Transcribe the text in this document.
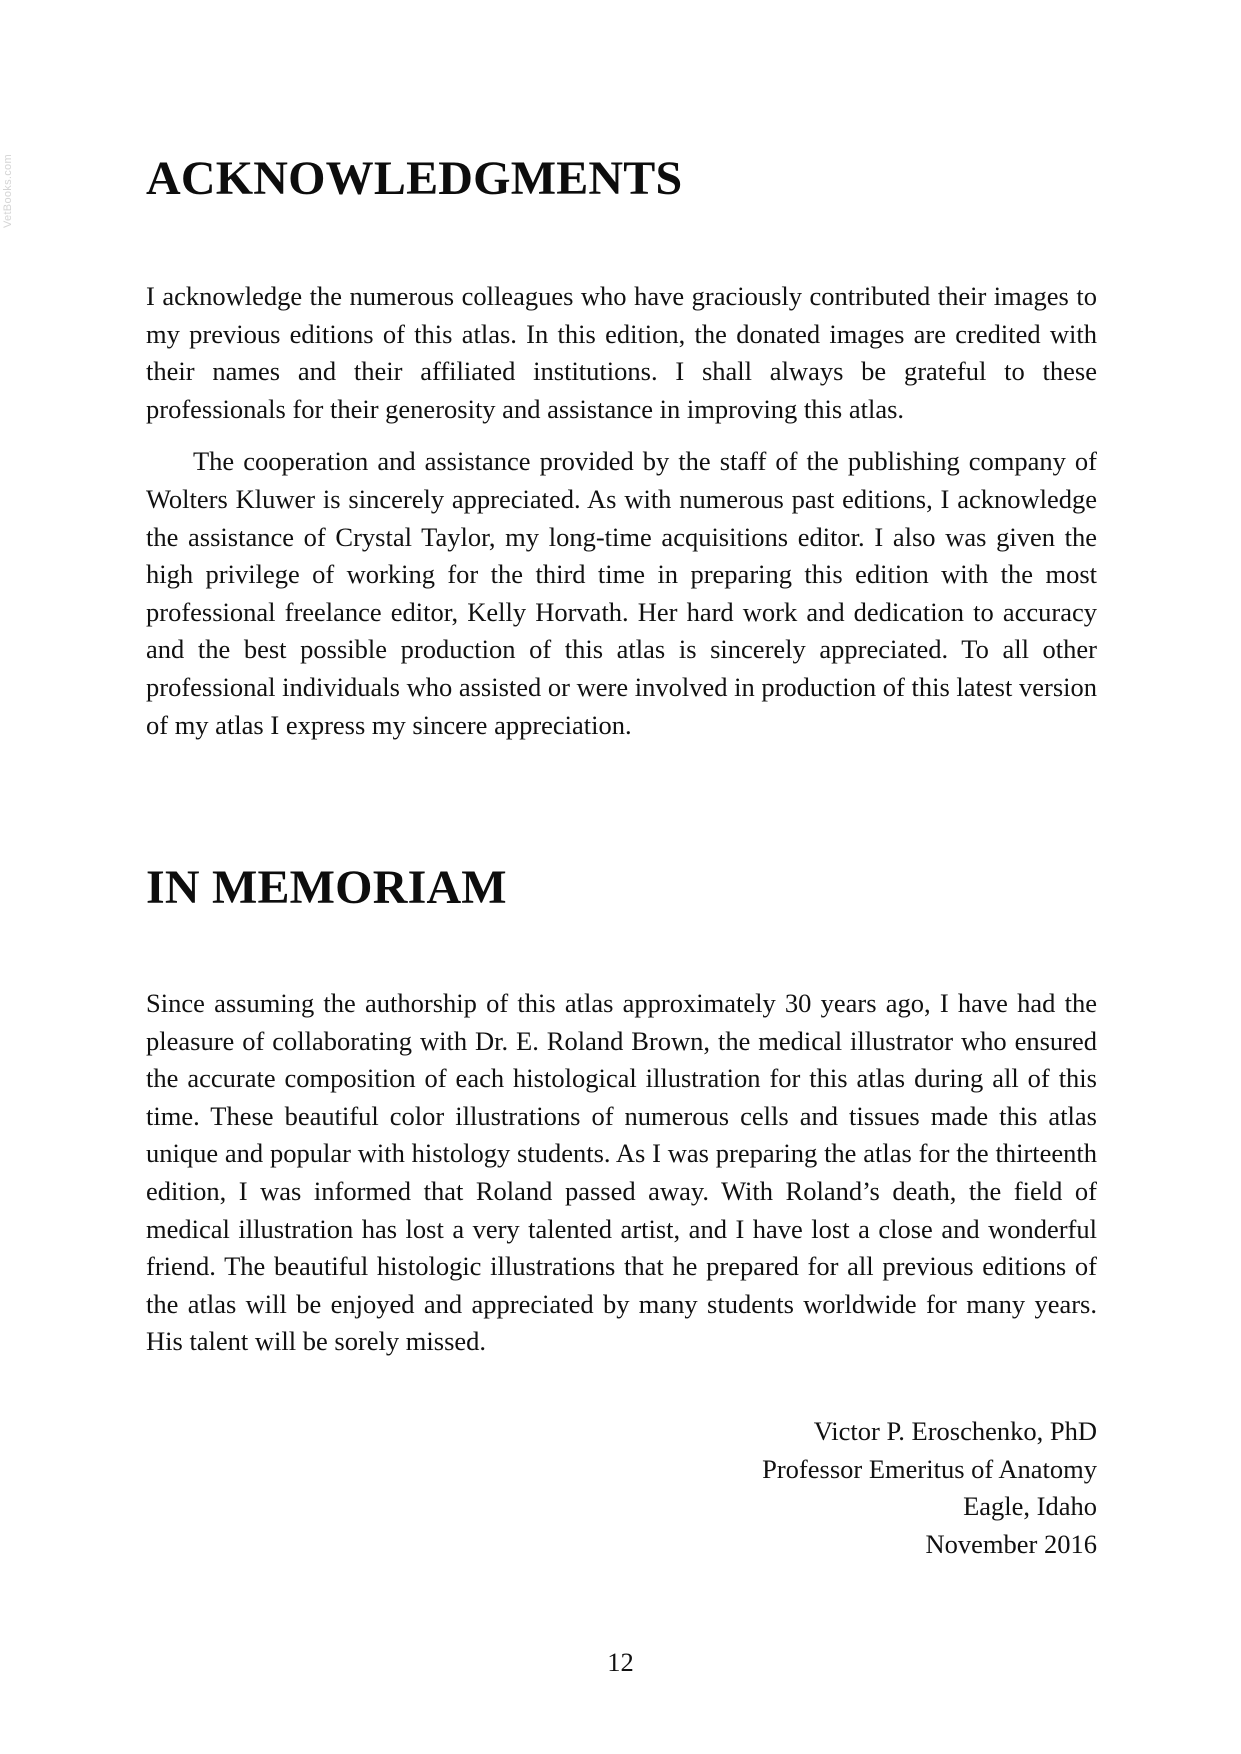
VetBooks.com	ACKNOWLEDGMENTS

I acknowledge the numerous colleagues who have graciously contributed their images to my previous editions of this atlas. In this edition, the donated images are credited with their names and their affiliated institutions. I shall always be grateful to these professionals for their generosity and assistance in improving this atlas.

The cooperation and assistance provided by the staff of the publishing company of Wolters Kluwer is sincerely appreciated. As with numerous past editions, I acknowledge the assistance of Crystal Taylor, my long-time acquisitions editor. I also was given the high privilege of working for the third time in preparing this edition with the most professional freelance editor, Kelly Horvath. Her hard work and dedication to accuracy and the best possible production of this atlas is sincerely appreciated. To all other professional individuals who assisted or were involved in production of this latest version of my atlas I express my sincere appreciation.

IN MEMORIAM

Since assuming the authorship of this atlas approximately 30 years ago, I have had the pleasure of collaborating with Dr. E. Roland Brown, the medical illustrator who ensured the accurate composition of each histological illustration for this atlas during all of this time. These beautiful color illustrations of numerous cells and tissues made this atlas unique and popular with histology students. As I was preparing the atlas for the thirteenth edition, I was informed that Roland passed away. With Roland’s death, the field of medical illustration has lost a very talented artist, and I have lost a close and wonderful friend. The beautiful histologic illustrations that he prepared for all previous editions of the atlas will be enjoyed and appreciated by many students worldwide for many years. His talent will be sorely missed.

Victor P. Eroschenko, PhD
Professor Emeritus of Anatomy
Eagle, Idaho
November 2016
12
